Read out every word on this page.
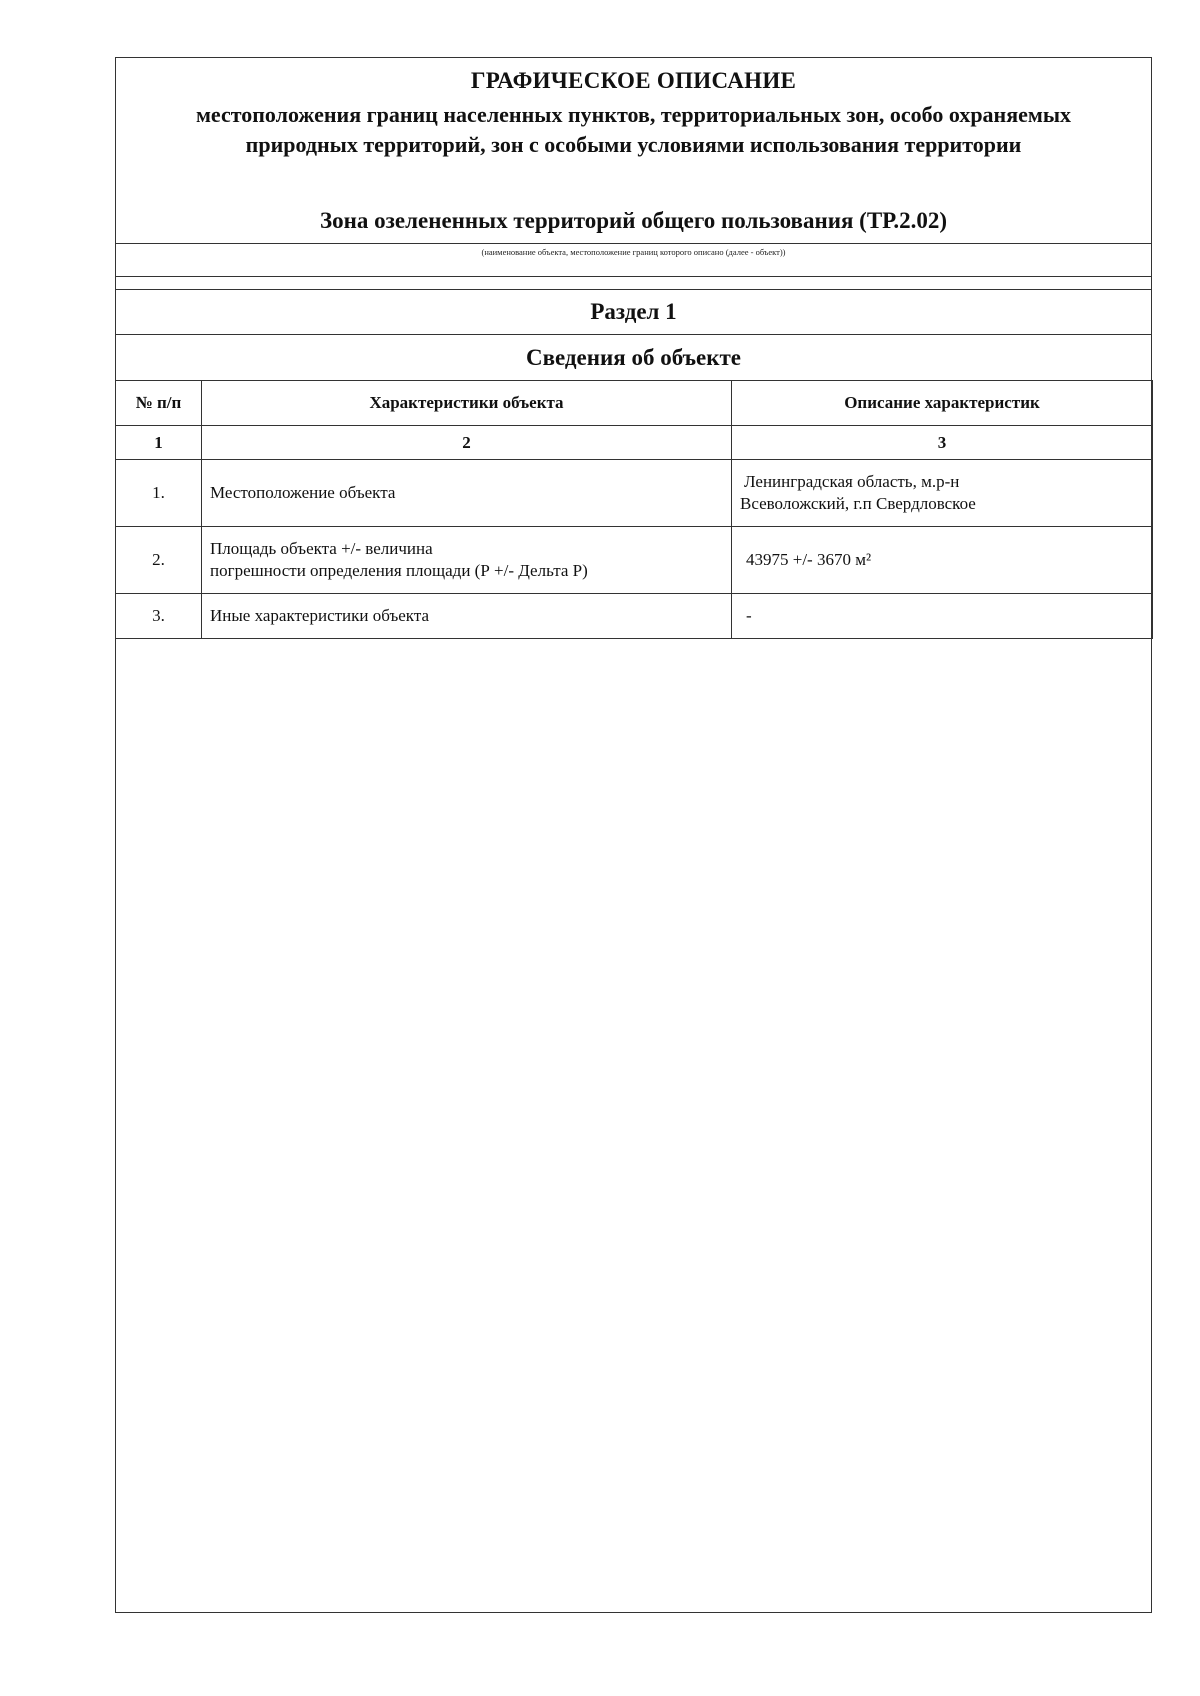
ГРАФИЧЕСКОЕ ОПИСАНИЕ
местоположения границ населенных пунктов, территориальных зон, особо охраняемых природных территорий, зон с особыми условиями использования территории
Зона озелененных территорий общего пользования (ТР.2.02)
(наименование объекта, местоположение границ которого описано (далее - объект))
Раздел 1
Сведения об объекте
№ п/п	Характеристики объекта	Описание характеристик
1	2	3
1.	Местоположение объекта	Ленинградская область, м.р-н
Всеволожский, г.п Свердловское

2.	Площадь объекта +/- величина
погрешности определения площади (Р +/- Дельта Р)	43975 +/- 3670 м²

3.	Иные характеристики объекта	-
